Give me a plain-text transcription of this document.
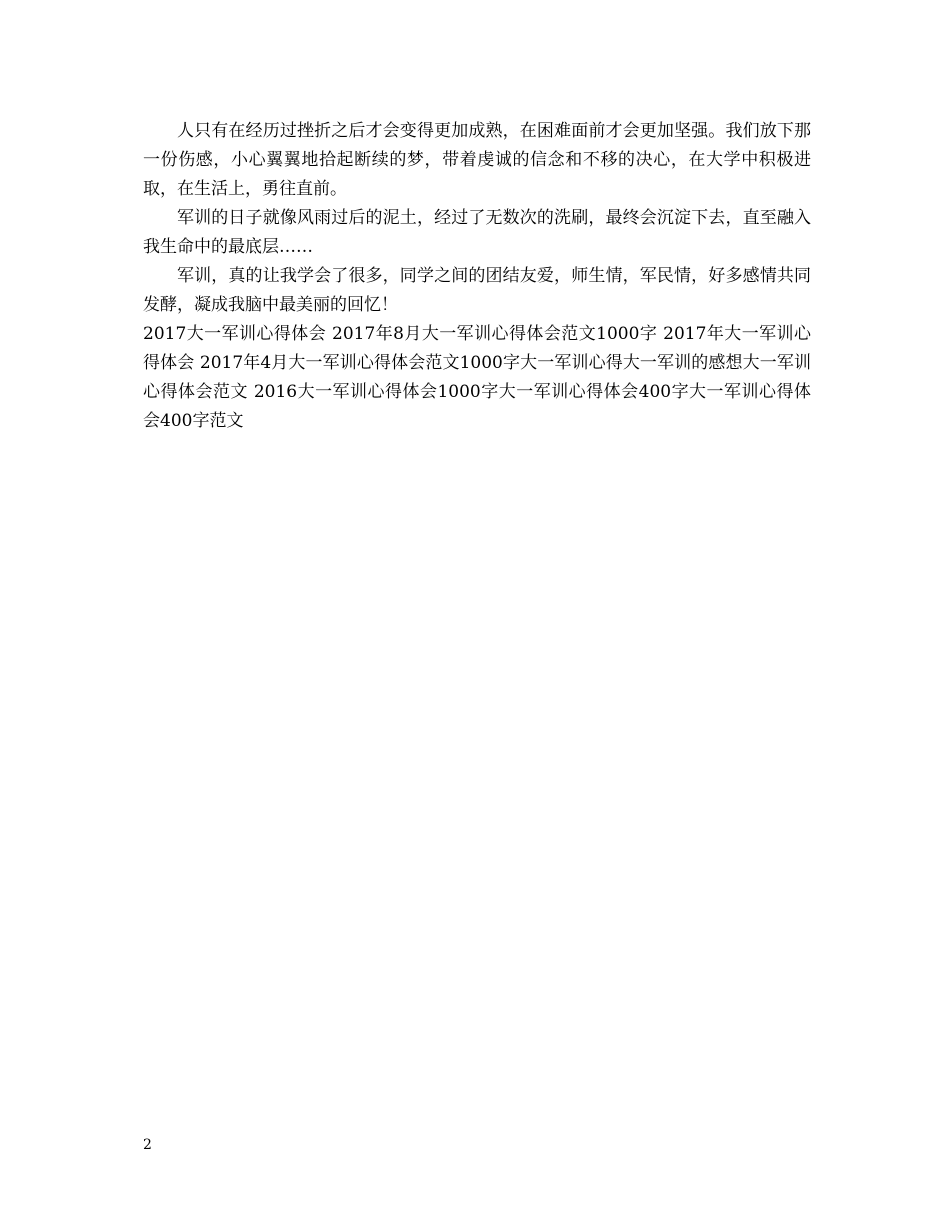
人只有在经历过挫折之后才会变得更加成熟，在困难面前才会更加坚强。我们放下那一份伤感，小心翼翼地拾起断续的梦，带着虔诚的信念和不移的决心，在大学中积极进取，在生活上，勇往直前。

军训的日子就像风雨过后的泥土，经过了无数次的洗刷，最终会沉淀下去，直至融入我生命中的最底层……

军训，真的让我学会了很多，同学之间的团结友爱，师生情，军民情，好多感情共同发酵，凝成我脑中最美丽的回忆！

2017大一军训心得体会 2017年8月大一军训心得体会范文1000字 2017年大一军训心得体会 2017年4月大一军训心得体会范文1000字大一军训心得大一军训的感想大一军训心得体会范文 2016大一军训心得体会1000字大一军训心得体会400字大一军训心得体会400字范文

2
